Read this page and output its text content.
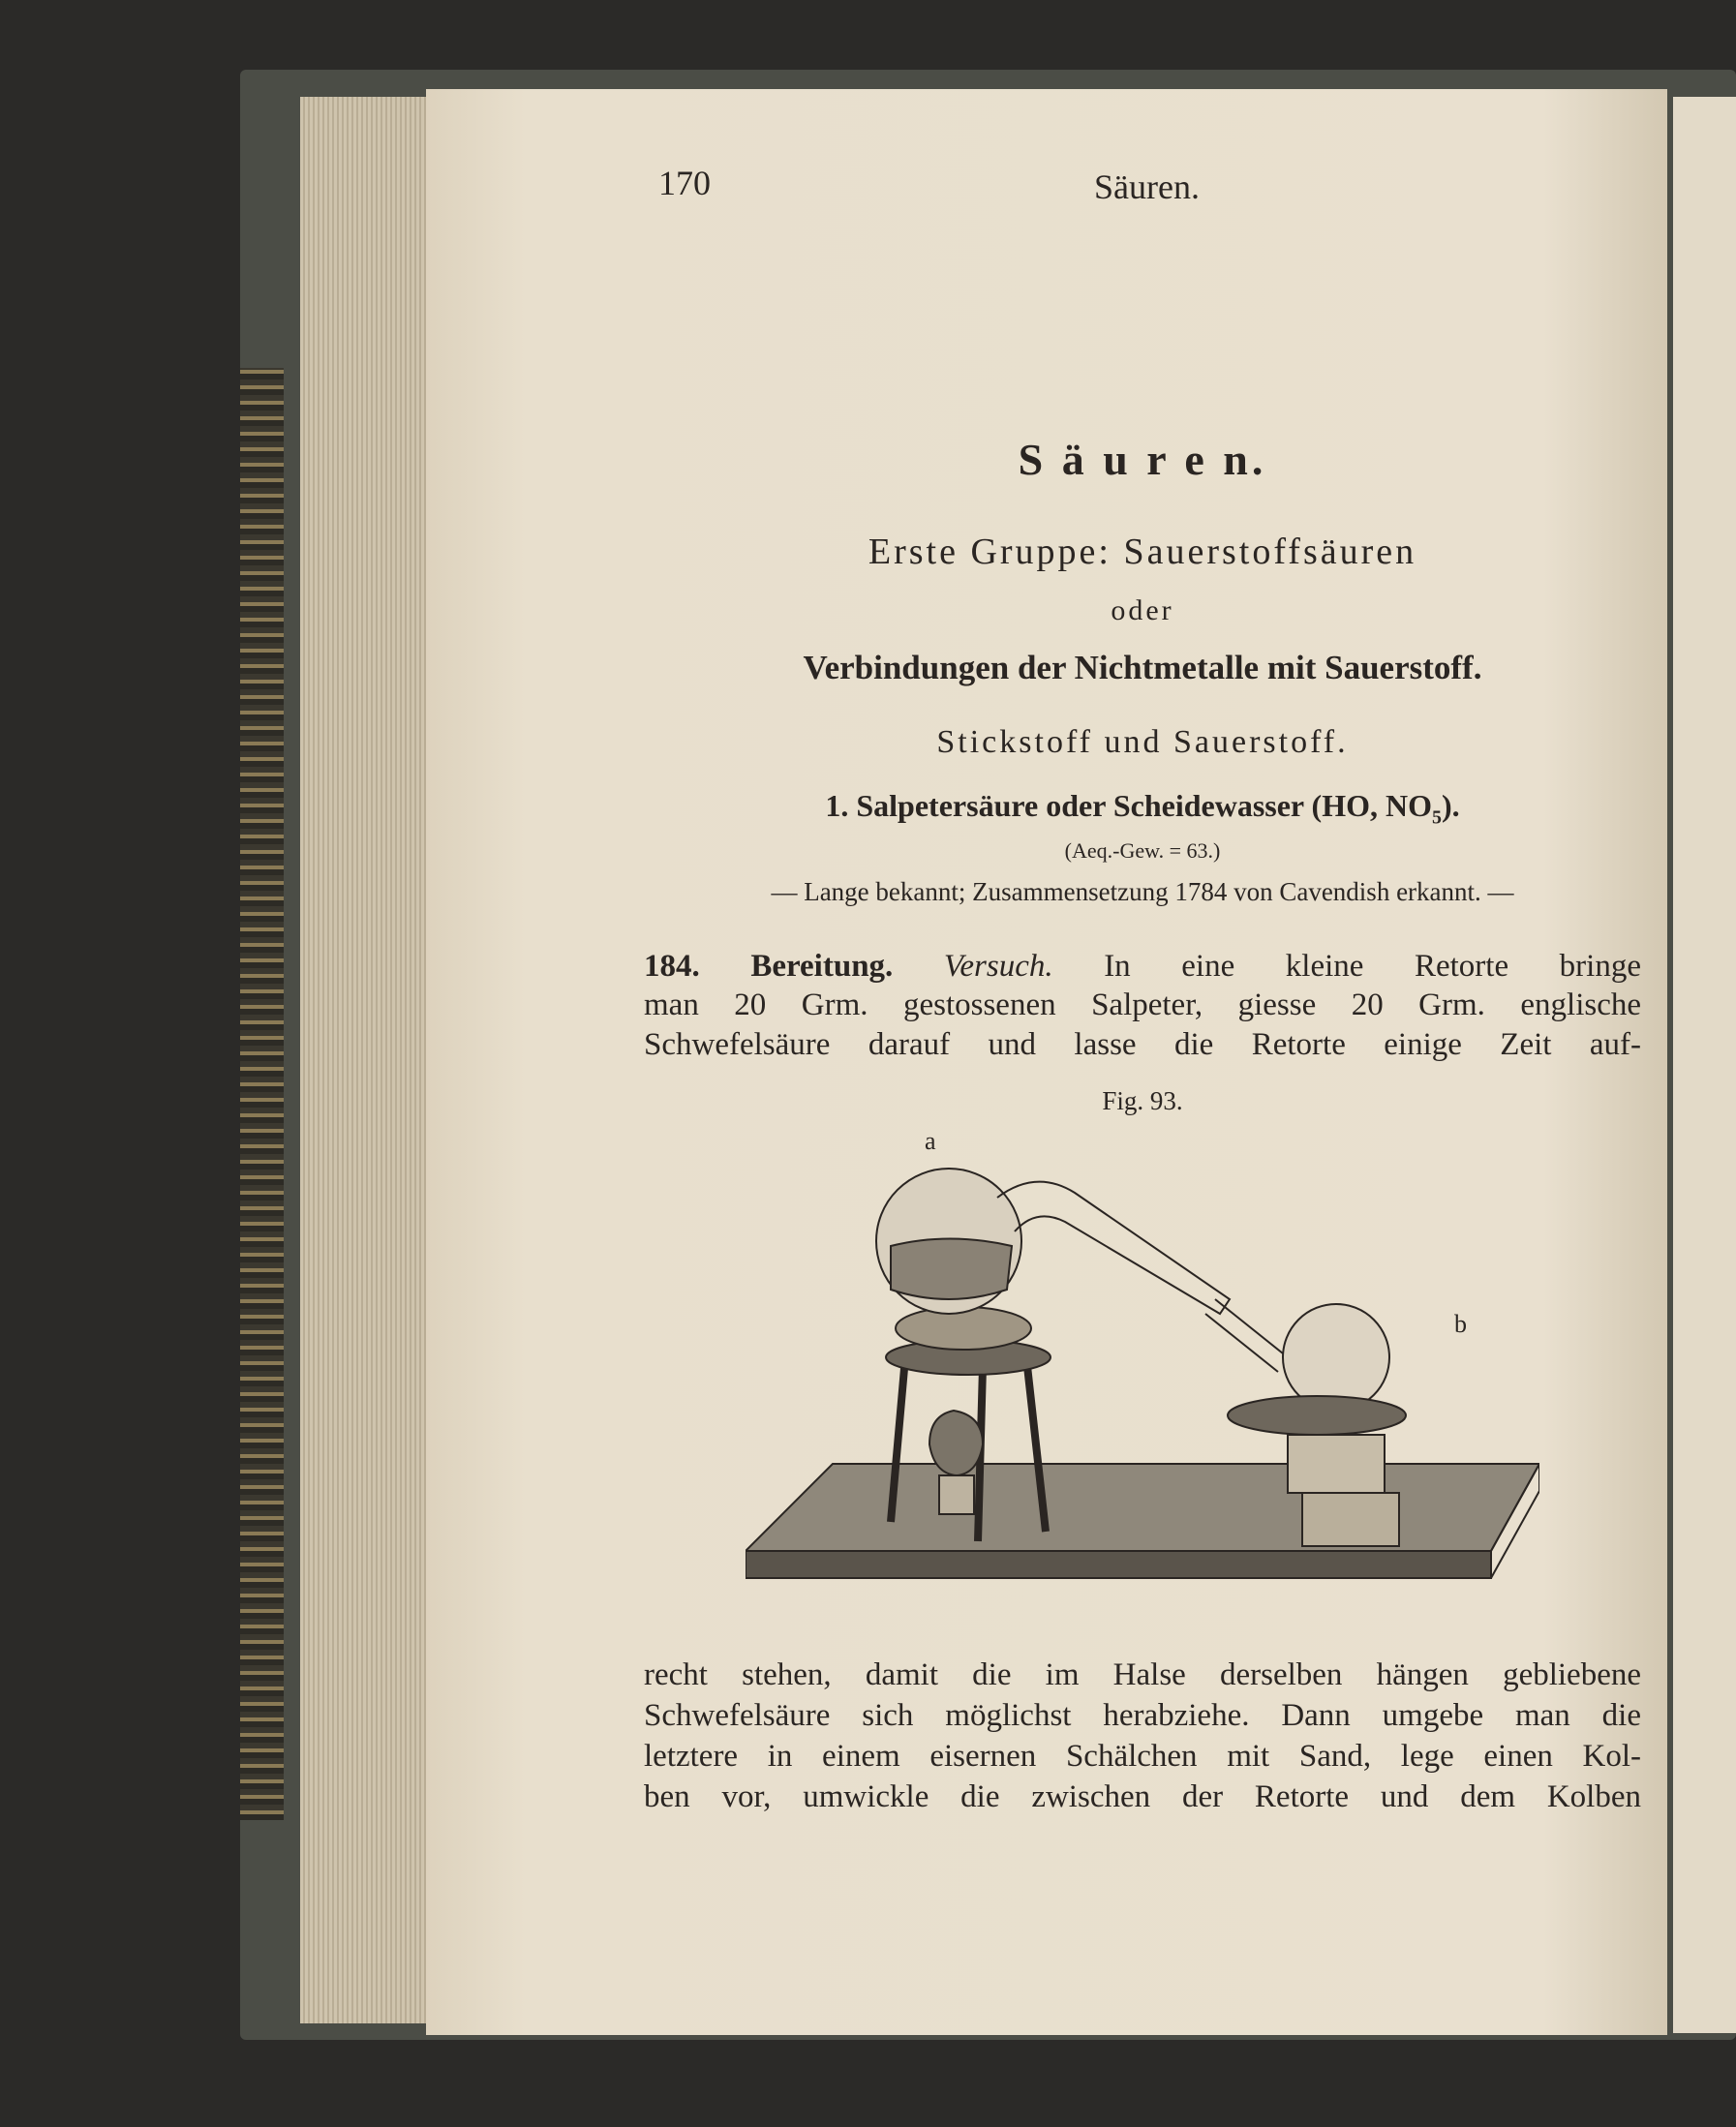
170	Säuren.
S ä u r e n.
Erste Gruppe: Sauerstoffsäuren
oder
Verbindungen der Nichtmetalle mit Sauerstoff.
Stickstoff und Sauerstoff.
1. Salpetersäure oder Scheidewasser (HO, $NO_5$).
(Aeq.-Gew. = 63.)
— Lange bekannt; Zusammensetzung 1784 von Cavendish erkannt. —
184. Bereitung. Versuch. In eine kleine Retorte bringe
man 20 Grm. gestossenen Salpeter, giesse 20 Grm. englische
Schwefelsäure darauf und lasse die Retorte einige Zeit auf-
Fig. 93.
a
b
recht stehen, damit die im Halse derselben hängen gebliebene
Schwefelsäure sich möglichst herabziehe. Dann umgebe man die
letztere in einem eisernen Schälchen mit Sand, lege einen Kol-
ben vor, umwickle die zwischen der Retorte und dem Kolben
